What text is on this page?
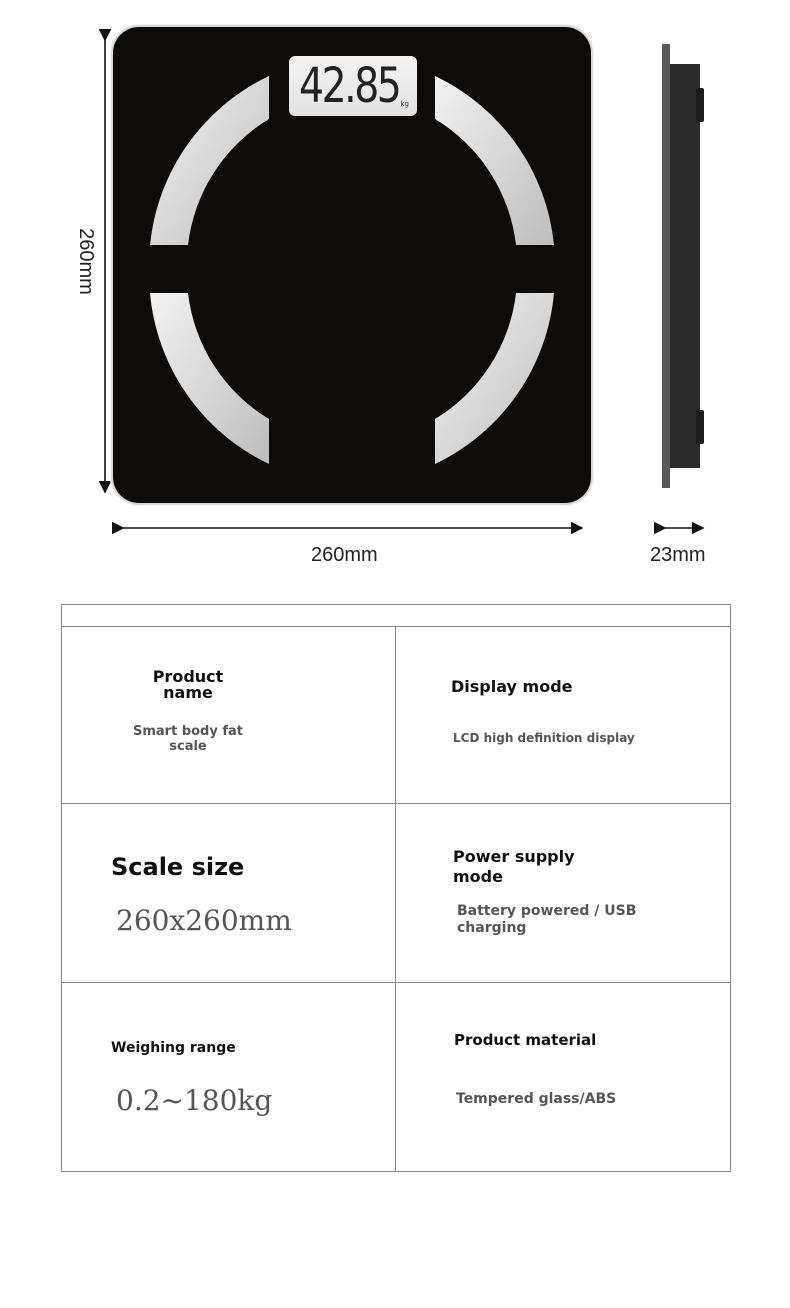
42.85 kg
260mm
260mm	23mm
Product name
Smart body fat scale
Display mode
LCD high definition display
Scale size
260x260mm
Power supply mode
Battery powered / USB charging
Weighing range
0.2~180kg
Product material
Tempered glass/ABS
